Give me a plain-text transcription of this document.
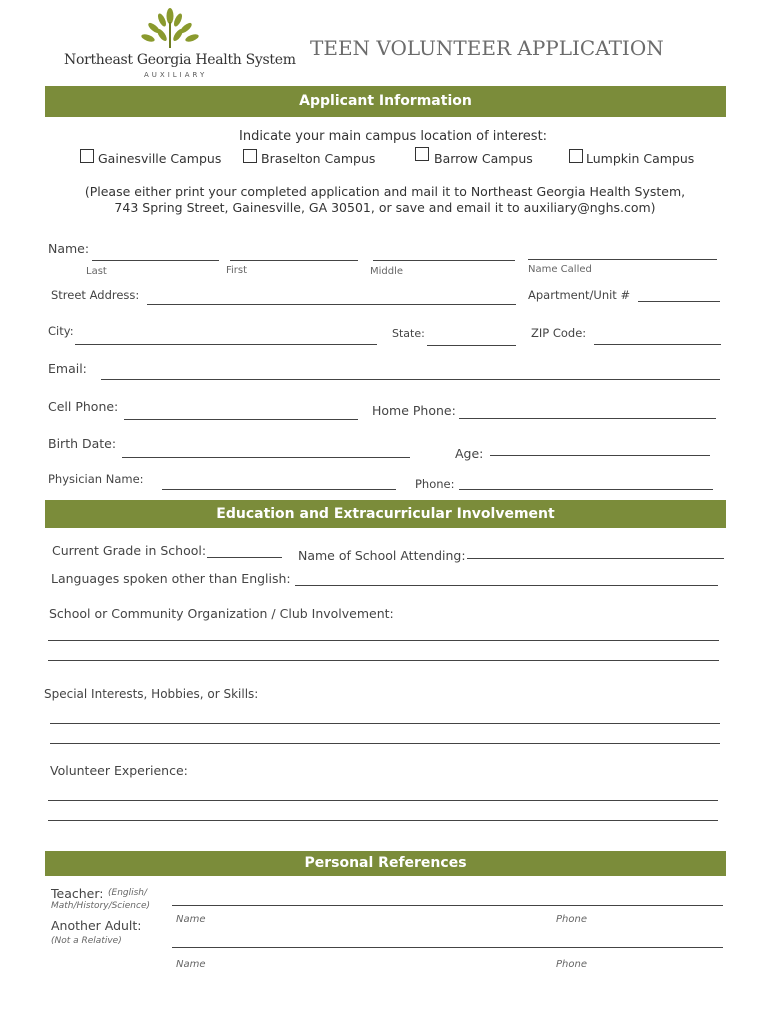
Northeast Georgia Health System
AUXILIARY
TEEN VOLUNTEER APPLICATION
Applicant Information
Indicate your main campus location of interest:
Gainesville Campus	Braselton Campus	Barrow Campus	Lumpkin Campus
(Please either print your completed application and mail it to Northeast Georgia Health System,
743 Spring Street, Gainesville, GA 30501, or save and email it to auxiliary@nghs.com)
Name:
Last	First	Middle	Name Called
Street Address:	Apartment/Unit #
City:	State:	ZIP Code:
Email:
Cell Phone:	Home Phone:
Birth Date:
Age:
Physician Name:	Phone:
Education and Extracurricular Involvement
Current Grade in School:	Name of School Attending:
Languages spoken other than English:
School or Community Organization / Club Involvement:
Special Interests, Hobbies, or Skills:
Volunteer Experience:
Personal References
Teacher: (English/
Math/History/Science)
Name	Phone
Another Adult:
(Not a Relative)
Name	Phone
